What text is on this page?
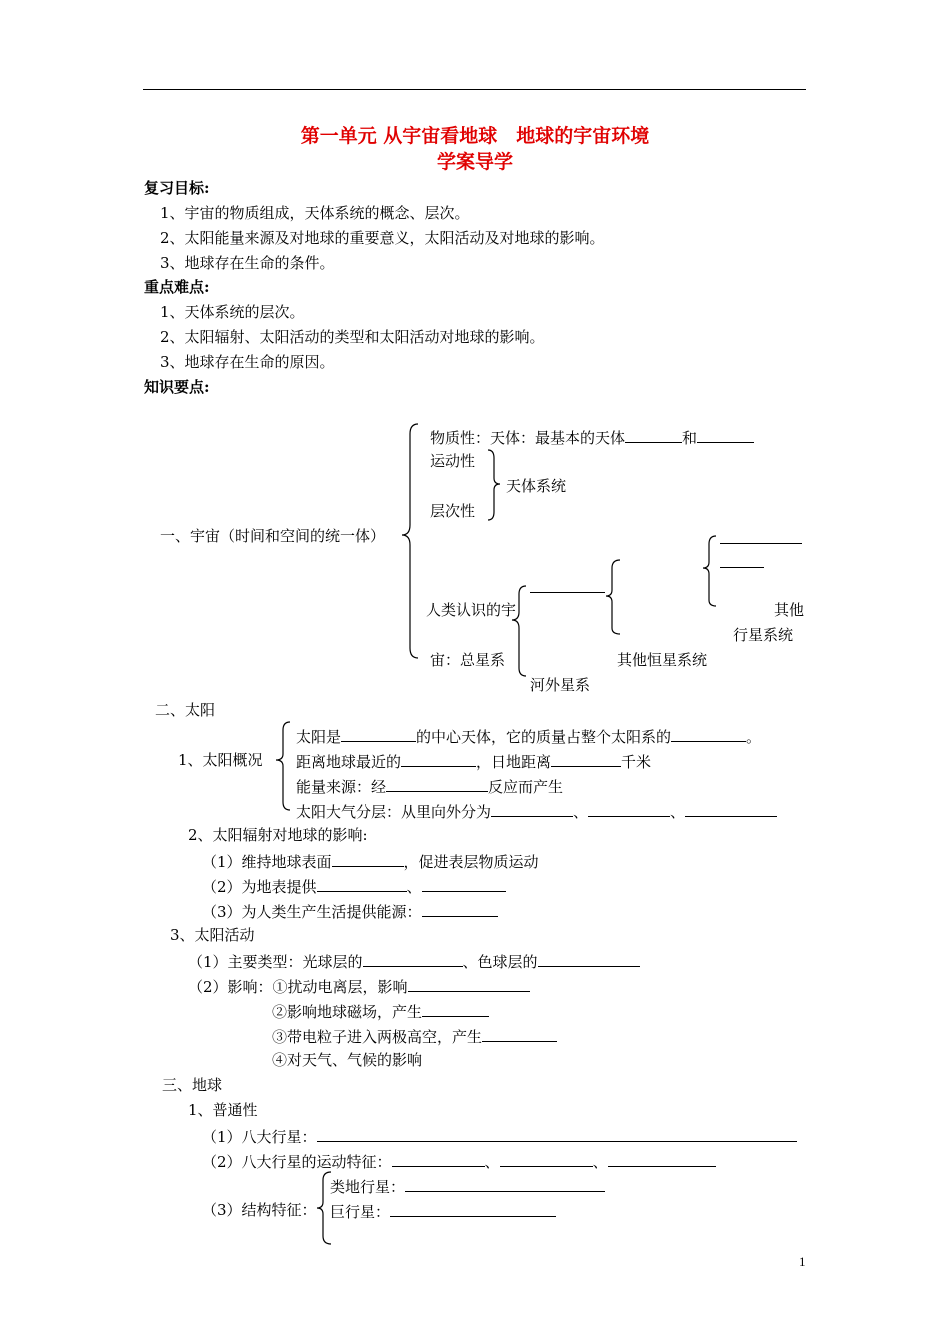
第一单元 从宇宙看地球　地球的宇宙环境
学案导学
复习目标:
1、宇宙的物质组成，天体系统的概念、层次。
2、太阳能量来源及对地球的重要意义，太阳活动及对地球的影响。
3、地球存在生命的条件。
重点难点:
1、天体系统的层次。
2、太阳辐射、太阳活动的类型和太阳活动对地球的影响。
3、地球存在生命的原因。
知识要点:
物质性：天体：最基本的天体	和
运动性
天体系统
层次性
一、宇宙（时间和空间的统一体）
其他
人类认识的宇
行星系统
宙：总星系	其他恒星系统
河外星系
二、太阳
1、太阳概况
太阳是	的中心天体，它的质量占整个太阳系的	。
距离地球最近的	，日地距离	千米
能量来源：经	反应而产生
太阳大气分层：从里向外分为	、	、
2、太阳辐射对地球的影响:
（1）维持地球表面	，促进表层物质运动
（2）为地表提供	、
（3）为人类生产生活提供能源：
3、太阳活动
（1）主要类型：光球层的	、色球层的
（2）影响：①扰动电离层，影响
②影响地球磁场，产生
③带电粒子进入两极高空，产生
④对天气、气候的影响
三、地球
1、普通性
（1）八大行星：
（2）八大行星的运动特征：	、	、
类地行星：
（3）结构特征： 巨行星：
1
